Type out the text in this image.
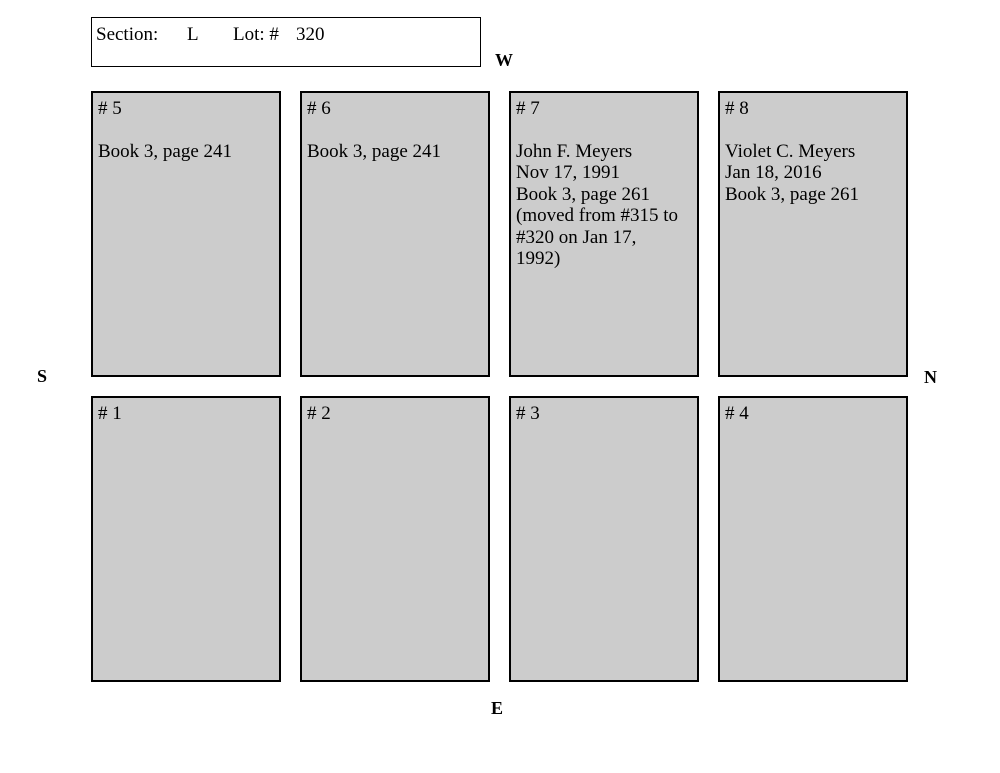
Section: L Lot: # 320
W
E
S	N
# 5
Book 3, page 241
# 6
Book 3, page 241
# 7
John F. Meyers
Nov 17, 1991
Book 3, page 261
(moved from #315 to
#320 on Jan 17,
1992)
# 8
Violet C. Meyers
Jan 18, 2016
Book 3, page 261
# 1	# 2	# 3	# 4
